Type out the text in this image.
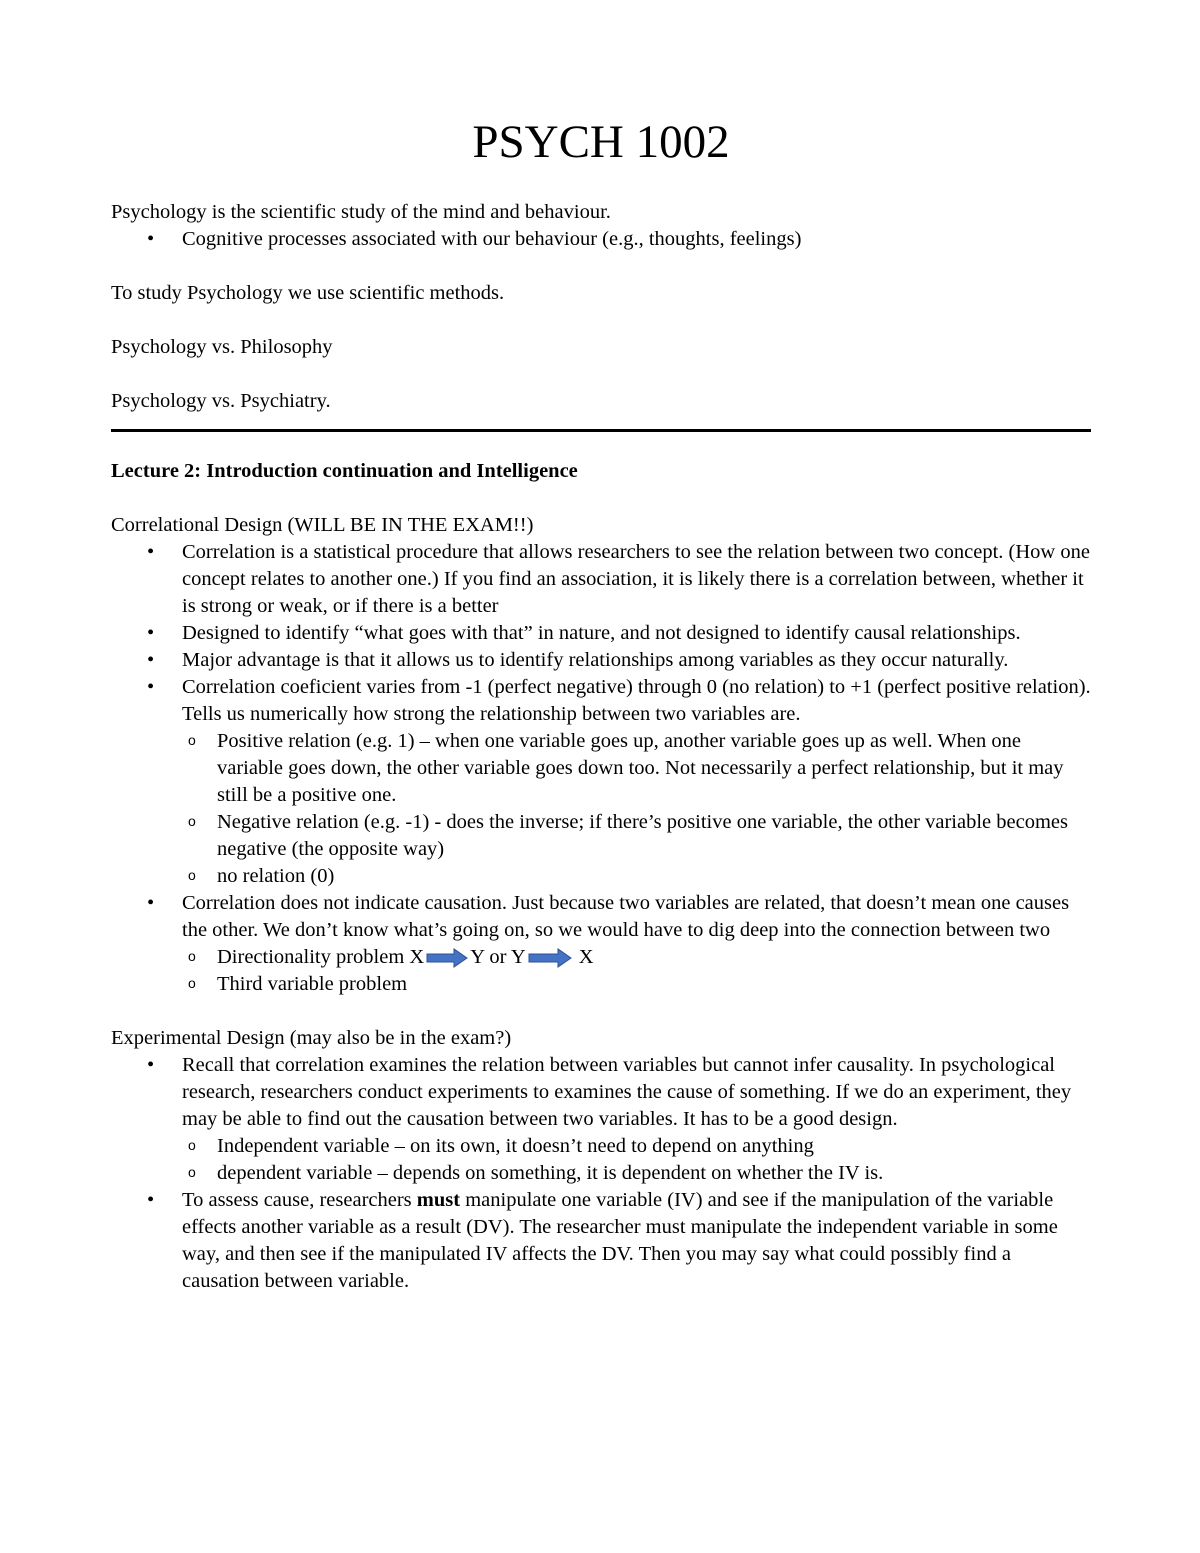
PSYCH 1002

Psychology is the scientific study of the mind and behaviour.

• Cognitive processes associated with our behaviour (e.g., thoughts, feelings)

To study Psychology we use scientific methods.

Psychology vs. Philosophy

Psychology vs. Psychiatry.

Lecture 2: Introduction continuation and Intelligence

Correlational Design (WILL BE IN THE EXAM!!)

• Correlation is a statistical procedure that allows researchers to see the relation between two concept. (How one concept relates to another one.) If you find an association, it is likely there is a correlation between, whether it is strong or weak, or if there is a better
• Designed to identify “what goes with that” in nature, and not designed to identify causal relationships.
• Major advantage is that it allows us to identify relationships among variables as they occur naturally.
• Correlation coeficient varies from -1 (perfect negative) through 0 (no relation) to +1 (perfect positive relation). Tells us numerically how strong the relationship between two variables are.
o Positive relation (e.g. 1) – when one variable goes up, another variable goes up as well. When one variable goes down, the other variable goes down too. Not necessarily a perfect relationship, but it may still be a positive one.
o Negative relation (e.g. -1) - does the inverse; if there’s positive one variable, the other variable becomes negative (the opposite way)
o no relation (0)
• Correlation does not indicate causation. Just because two variables are related, that doesn’t mean one causes the other. We don’t know what’s going on, so we would have to dig deep into the connection between two
o Directionality problem X Y or Y X
o Third variable problem

Experimental Design (may also be in the exam?)

• Recall that correlation examines the relation between variables but cannot infer causality. In psychological research, researchers conduct experiments to examines the cause of something. If we do an experiment, they may be able to find out the causation between two variables. It has to be a good design.
o Independent variable – on its own, it doesn’t need to depend on anything
o dependent variable – depends on something, it is dependent on whether the IV is.
• To assess cause, researchers must manipulate one variable (IV) and see if the manipulation of the variable effects another variable as a result (DV). The researcher must manipulate the independent variable in some way, and then see if the manipulated IV affects the DV. Then you may say what could possibly find a causation between variable.
